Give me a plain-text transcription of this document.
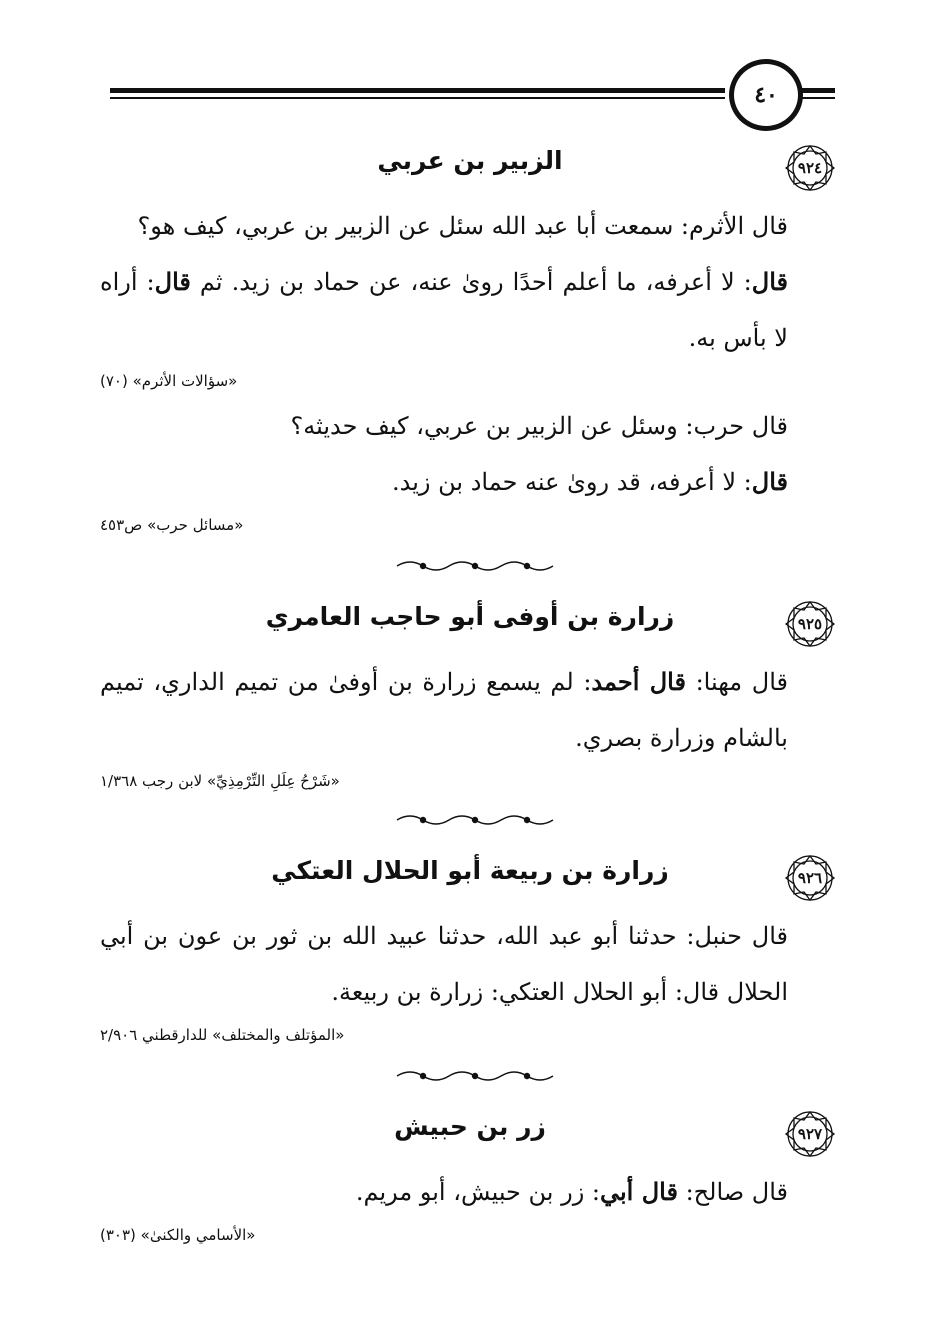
٤٠
٩٢٤
الزبير بن عربي

قال الأثرم: سمعت أبا عبد الله سئل عن الزبير بن عربي، كيف هو؟

قال: لا أعرفه، ما أعلم أحدًا روىٰ عنه، عن حماد بن زيد. ثم قال: أراه لا بأس به.

«سؤالات الأثرم» (٧٠)

قال حرب: وسئل عن الزبير بن عربي، كيف حديثه؟

قال: لا أعرفه، قد روىٰ عنه حماد بن زيد.

«مسائل حرب» ص٤٥٣

٩٢٥
زرارة بن أوفى أبو حاجب العامري

قال مهنا: قال أحمد: لم يسمع زرارة بن أوفىٰ من تميم الداري، تميم بالشام وزرارة بصري.

«شَرْحُ عِلَلِ التِّرْمِذِيِّ» لابن رجب ١/٣٦٨

٩٢٦
زرارة بن ربيعة أبو الحلال العتكي

قال حنبل: حدثنا أبو عبد الله، حدثنا عبيد الله بن ثور بن عون بن أبي الحلال قال: أبو الحلال العتكي: زرارة بن ربيعة.

«المؤتلف والمختلف» للدارقطني ٢/٩٠٦

٩٢٧
زر بن حبيش

قال صالح: قال أبي: زر بن حبيش، أبو مريم.

«الأسامي والكنىٰ» (٣٠٣)
